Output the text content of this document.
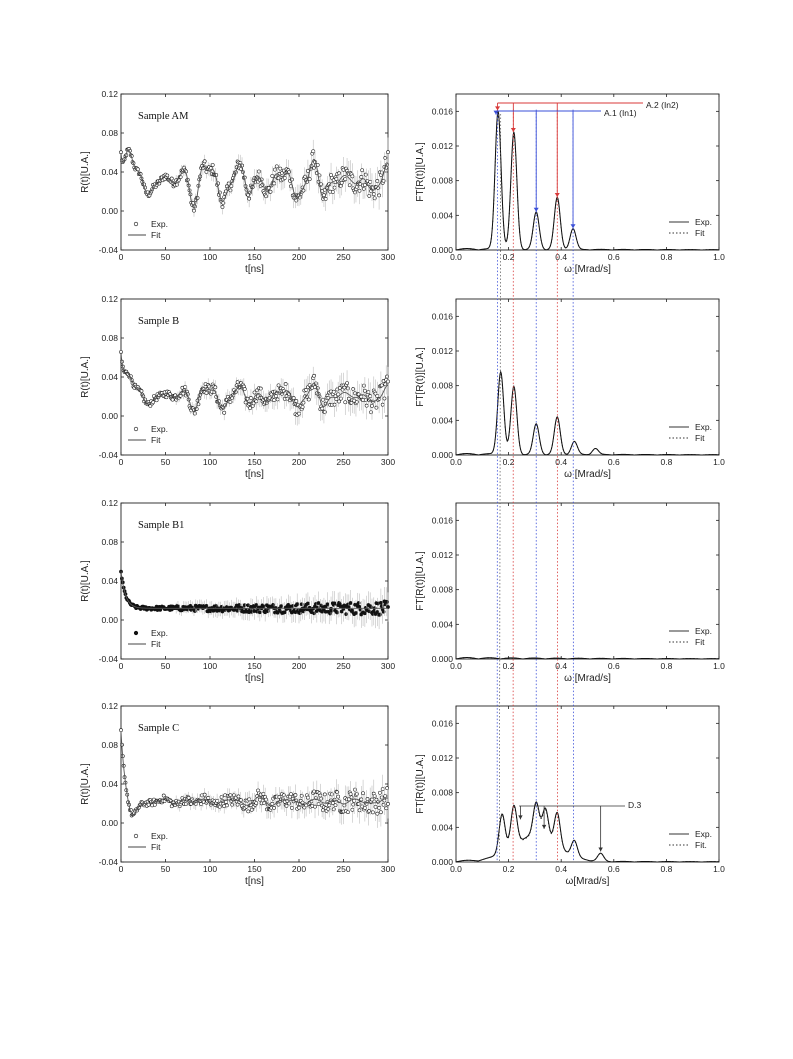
0	50	100	150	200	250	300
-0.04
0.00
0.04
0.08
0.12
t[ns]
R(t)[U.A.]
Sample AM
Exp.
Fit
0.0	0.2	0.4	0.6	0.8	1.0
0.000
0.004
0.008
0.012
0.016
ω [Mrad/s]
FT[R(t)][U.A.]
Exp.
Fit
0	50	100	150	200	250	300
-0.04
0.00
0.04
0.08
0.12
t[ns]
R(t)[U.A.]
Sample B
Exp.
Fit
0.0	0.2	0.4	0.6	0.8	1.0
0.000
0.004
0.008
0.012
0.016
ω [Mrad/s]
FT[R(t)][U.A.]
Exp.
Fit
0	50	100	150	200	250	300
-0.04
0.00
0.04
0.08
0.12
t[ns]
R(t)[U.A.]
Sample B1
Exp.
Fit
0.0	0.2	0.4	0.6	0.8	1.0
0.000
0.004
0.008
0.012
0.016
ω [Mrad/s]
FT[R(t)][U.A.]
Exp.
Fit
0	50	100	150	200	250	300
-0.04
0.00
0.04
0.08
0.12
t[ns]
R(t)[U.A.]
Sample C
Exp.
Fit
0.0	0.2	0.4	0.6	0.8	1.0
0.000
0.004
0.008
0.012
0.016
ω[Mrad/s]
FT[R(t)][U.A.]
Exp.
Fit.
A.2 (In2)
A.1 (In1)
D.3
